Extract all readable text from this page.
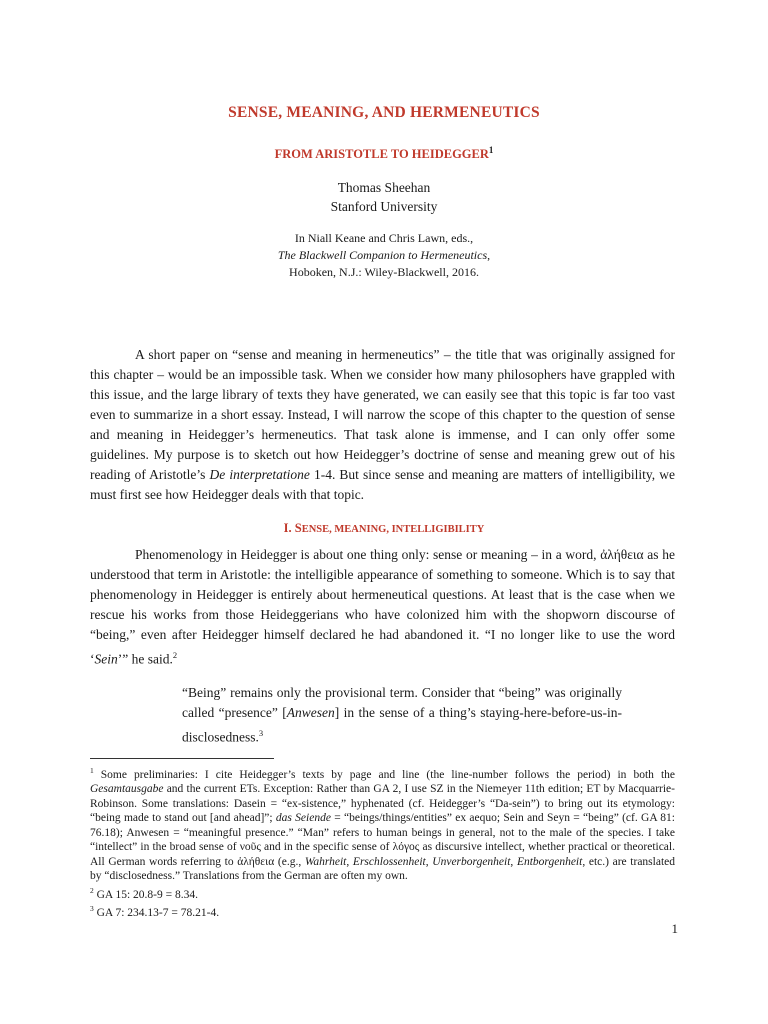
SENSE, MEANING, AND HERMENEUTICS
FROM ARISTOTLE TO HEIDEGGER$^1$
Thomas Sheehan
Stanford University
In Niall Keane and Chris Lawn, eds.,
The Blackwell Companion to Hermeneutics,
Hoboken, N.J.: Wiley-Blackwell, 2016.

A short paper on “sense and meaning in hermeneutics” – the title that was originally assigned for this chapter – would be an impossible task. When we consider how many philosophers have grappled with this issue, and the large library of texts they have generated, we can easily see that this topic is far too vast even to summarize in a short essay. Instead, I will narrow the scope of this chapter to the question of sense and meaning in Heidegger’s hermeneutics. That task alone is immense, and I can only offer some guidelines. My purpose is to sketch out how Heidegger’s doctrine of sense and meaning grew out of his reading of Aristotle’s De interpretatione 1-4. But since sense and meaning are matters of intelligibility, we must first see how Heidegger deals with that topic.

I. SENSE, MEANING, INTELLIGIBILITY

Phenomenology in Heidegger is about one thing only: sense or meaning – in a word, ἀλήθεια as he understood that term in Aristotle: the intelligible appearance of something to someone. Which is to say that phenomenology in Heidegger is entirely about hermeneutical questions. At least that is the case when we rescue his works from those Heideggerians who have colonized him with the shopworn discourse of “being,” even after Heidegger himself declared he had abandoned it. “I no longer like to use the word ‘Sein’” he said.$^2$

“Being” remains only the provisional term. Consider that “being” was originally called “presence” [Anwesen] in the sense of a thing’s staying-here-before-us-in-disclosedness.$^3$

$^1$ Some preliminaries: I cite Heidegger’s texts by page and line (the line-number follows the period) in both the Gesamtausgabe and the current ETs. Exception: Rather than GA 2, I use SZ in the Niemeyer 11th edition; ET by Macquarrie-Robinson. Some translations: Dasein = “ex-sistence,” hyphenated (cf. Heidegger’s “Da-sein”) to bring out its etymology: “being made to stand out [and ahead]”; das Seiende = “beings/things/entities” ex aequo; Sein and Seyn = “being” (cf. GA 81: 76.18); Anwesen = “meaningful presence.” “Man” refers to human beings in general, not to the male of the species. I take “intellect” in the broad sense of νοῦς and in the specific sense of λόγος as discursive intellect, whether practical or theoretical. All German words referring to ἀλήθεια (e.g., Wahrheit, Erschlossenheit, Unverborgenheit, Entborgenheit, etc.) are translated by “disclosedness.” Translations from the German are often my own.

$^2$ GA 15: 20.8-9 = 8.34.

$^3$ GA 7: 234.13-7 = 78.21-4.

1
